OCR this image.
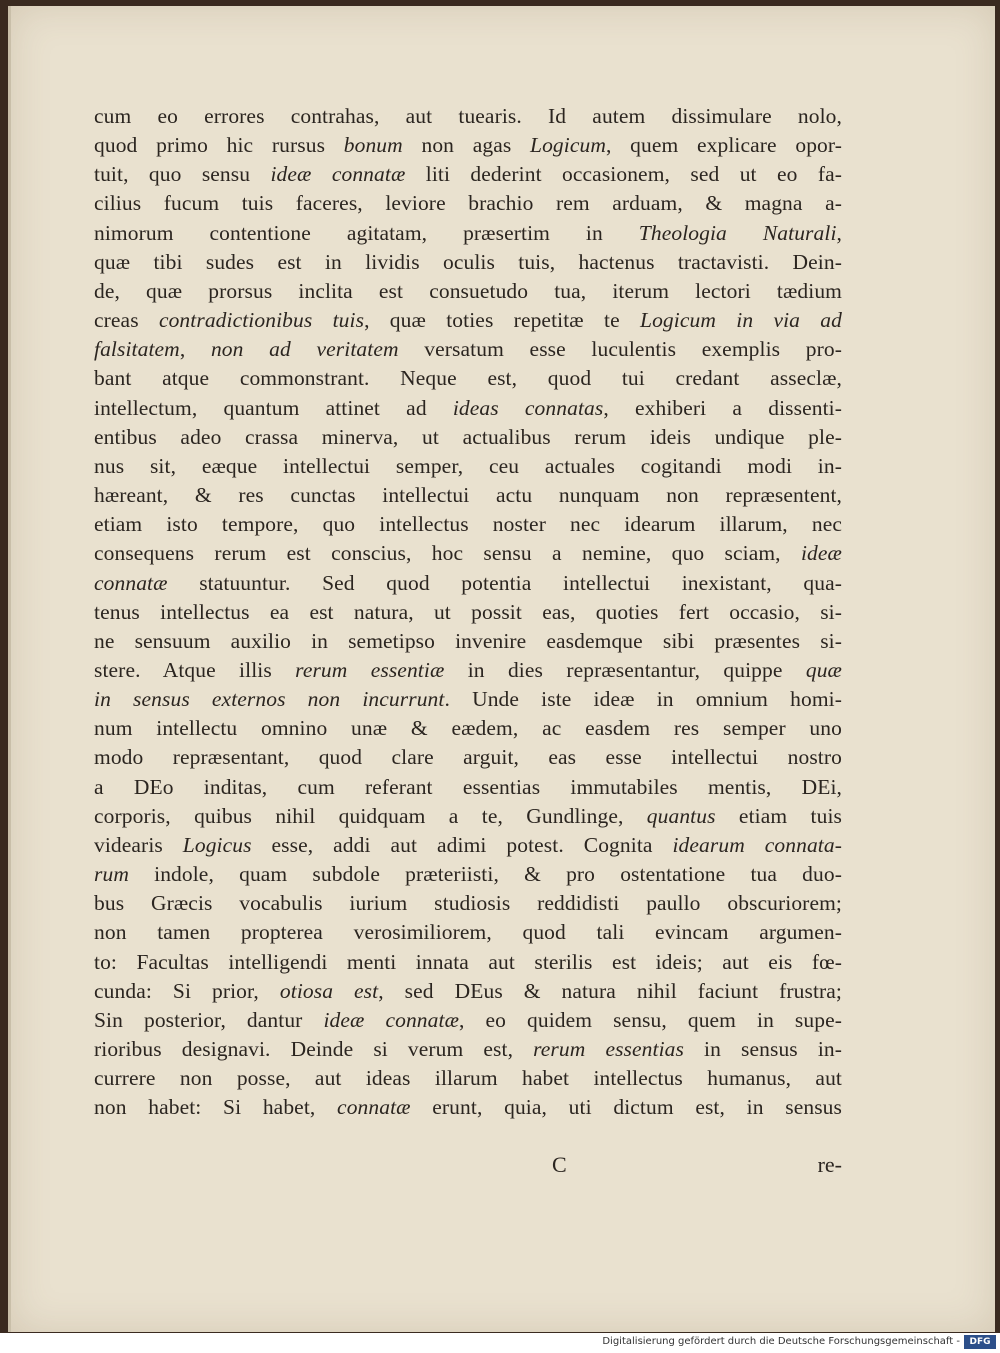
cum eo errores contrahas, aut tuearis. Id autem dissimulare nolo,
quod primo hic rursus bonum non agas Logicum, quem explicare opor-
tuit, quo sensu ideæ connatæ liti dederint occasionem, sed ut eo fa-
cilius fucum tuis faceres, leviore brachio rem arduam, & magna a-
nimorum contentione agitatam, præsertim in Theologia Naturali,
quæ tibi sudes est in lividis oculis tuis, hactenus tractavisti. Dein-
de, quæ prorsus inclita est consuetudo tua, iterum lectori tædium
creas contradictionibus tuis, quæ toties repetitæ te Logicum in via ad
falsitatem, non ad veritatem versatum esse luculentis exemplis pro-
bant atque commonstrant. Neque est, quod tui credant asseclæ,
intellectum, quantum attinet ad ideas connatas, exhiberi a dissenti-
entibus adeo crassa minerva, ut actualibus rerum ideis undique ple-
nus sit, eæque intellectui semper, ceu actuales cogitandi modi in-
hæreant, & res cunctas intellectui actu nunquam non repræsentent,
etiam isto tempore, quo intellectus noster nec idearum illarum, nec
consequens rerum est conscius, hoc sensu a nemine, quo sciam, ideæ
connatæ statuuntur. Sed quod potentia intellectui inexistant, qua-
tenus intellectus ea est natura, ut possit eas, quoties fert occasio, si-
ne sensuum auxilio in semetipso invenire easdemque sibi præsentes si-
stere. Atque illis rerum essentiæ in dies repræsentantur, quippe quæ
in sensus externos non incurrunt. Unde iste ideæ in omnium homi-
num intellectu omnino unæ & eædem, ac easdem res semper uno
modo repræsentant, quod clare arguit, eas esse intellectui nostro
a DEo inditas, cum referant essentias immutabiles mentis, DEi,
corporis, quibus nihil quidquam a te, Gundlinge, quantus etiam tuis
videaris Logicus esse, addi aut adimi potest. Cognita idearum connata-
rum indole, quam subdole præteriisti, & pro ostentatione tua duo-
bus Græcis vocabulis iurium studiosis reddidisti paullo obscuriorem;
non tamen propterea verosimiliorem, quod tali evincam argumen-
to: Facultas intelligendi menti innata aut sterilis est ideis; aut eis fœ-
cunda: Si prior, otiosa est, sed DEus & natura nihil faciunt frustra;
Sin posterior, dantur ideæ connatæ, eo quidem sensu, quem in supe-
rioribus designavi. Deinde si verum est, rerum essentias in sensus in-
currere non posse, aut ideas illarum habet intellectus humanus, aut
non habet: Si habet, connatæ erunt, quia, uti dictum est, in sensus
C	re-
Digitalisierung gefördert durch die Deutsche Forschungsgemeinschaft -	DFG
